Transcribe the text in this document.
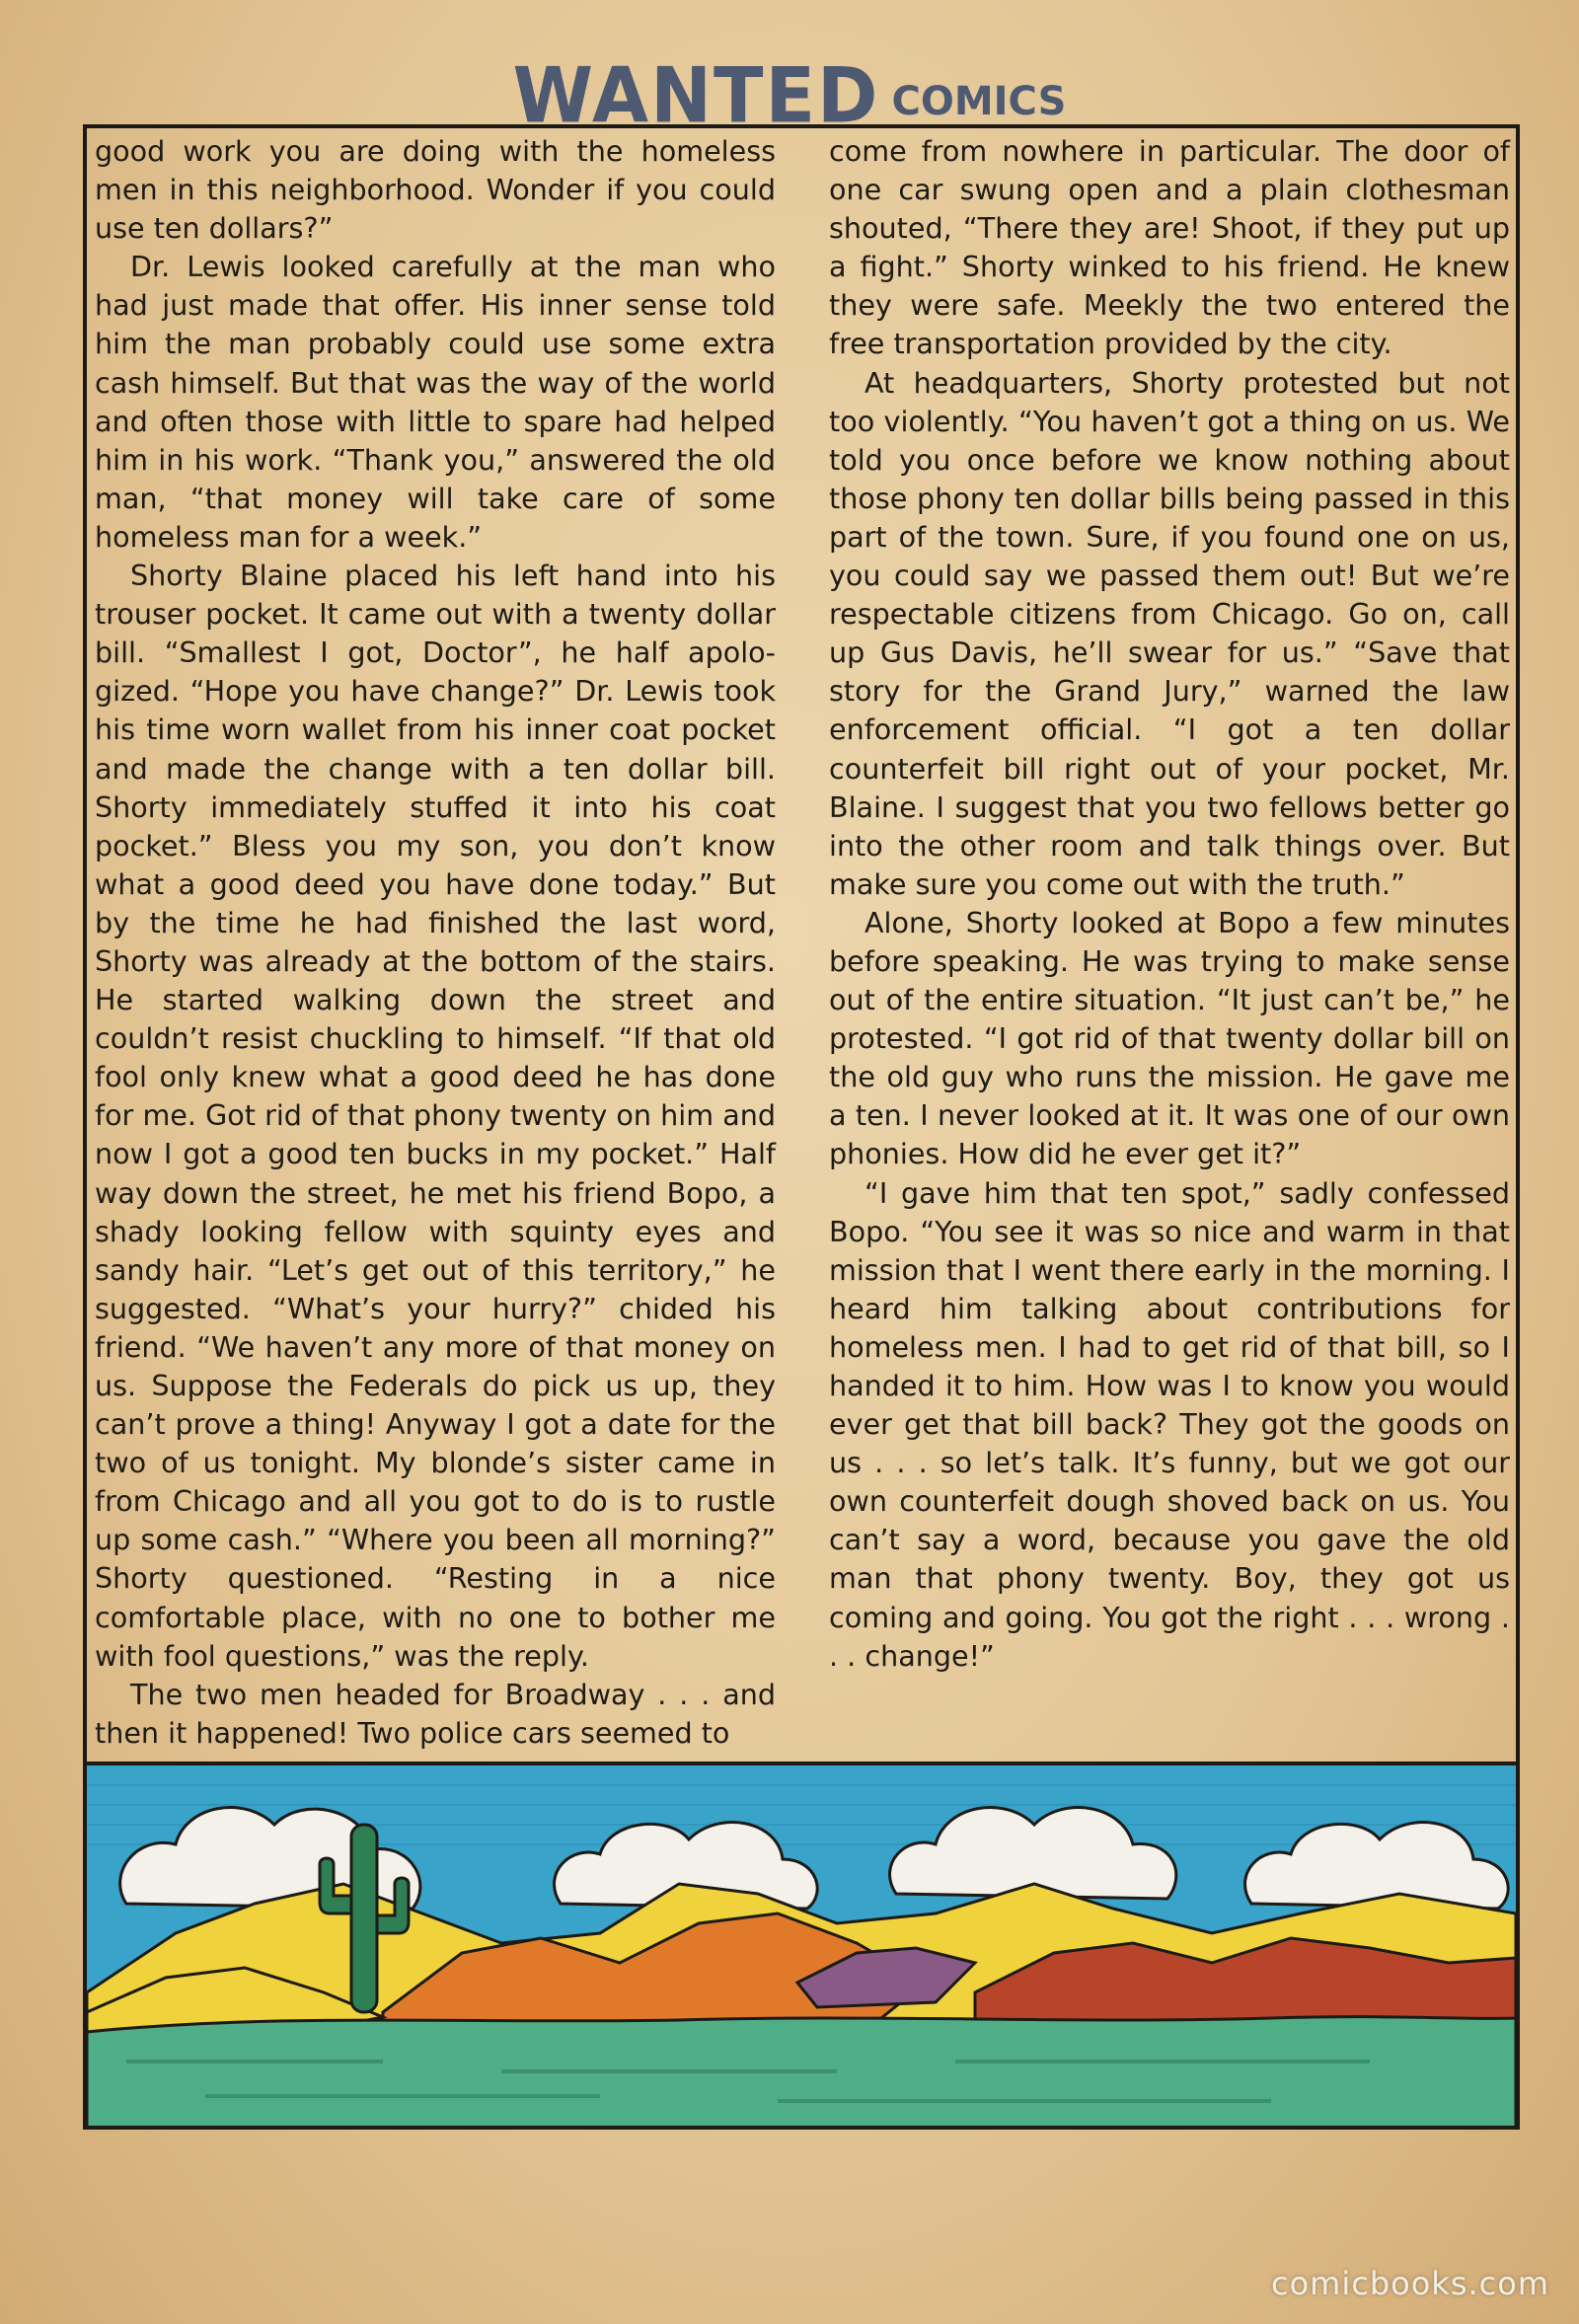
WANTED COMICS

good work you are doing with the homeless men in this neighborhood. Wonder if you could use ten dollars?”

Dr. Lewis looked carefully at the man who had just made that offer. His inner sense told him the man probably could use some extra cash himself. But that was the way of the world and often those with little to spare had helped him in his work. “Thank you,” answered the old man, “that money will take care of some homeless man for a week.”

Shorty Blaine placed his left hand into his trouser pocket. It came out with a twenty dollar bill. “Smallest I got, Doctor”, he half apologized. “Hope you have change?” Dr. Lewis took his time worn wallet from his inner coat pocket and made the change with a ten dollar bill. Shorty immediately stuffed it into his coat pocket.” Bless you my son, you don’t know what a good deed you have done today.” But by the time he had finished the last word, Shorty was already at the bottom of the stairs. He started walking down the street and couldn’t resist chuckling to himself. “If that old fool only knew what a good deed he has done for me. Got rid of that phony twenty on him and now I got a good ten bucks in my pocket.” Half way down the street, he met his friend Bopo, a shady looking fellow with squinty eyes and sandy hair. “Let’s get out of this territory,” he suggested. “What’s your hurry?” chided his friend. “We haven’t any more of that money on us. Suppose the Federals do pick us up, they can’t prove a thing! Anyway I got a date for the two of us tonight. My blonde’s sister came in from Chicago and all you got to do is to rustle up some cash.” “Where you been all morning?” Shorty questioned. “Resting in a nice comfortable place, with no one to bother me with fool questions,” was the reply.

The two men headed for Broadway . . . and then it happened! Two police cars seemed to

come from nowhere in particular. The door of one car swung open and a plain clothesman shouted, “There they are! Shoot, if they put up a fight.” Shorty winked to his friend. He knew they were safe. Meekly the two entered the free transportation provided by the city.

At headquarters, Shorty protested but not too violently. “You haven’t got a thing on us. We told you once before we know nothing about those phony ten dollar bills being passed in this part of the town. Sure, if you found one on us, you could say we passed them out! But we’re respectable citizens from Chicago. Go on, call up Gus Davis, he’ll swear for us.” “Save that story for the Grand Jury,” warned the law enforcement official. “I got a ten dollar counterfeit bill right out of your pocket, Mr. Blaine. I suggest that you two fellows better go into the other room and talk things over. But make sure you come out with the truth.”

Alone, Shorty looked at Bopo a few minutes before speaking. He was trying to make sense out of the entire situation. “It just can’t be,” he protested. “I got rid of that twenty dollar bill on the old guy who runs the mission. He gave me a ten. I never looked at it. It was one of our own phonies. How did he ever get it?”

“I gave him that ten spot,” sadly confessed Bopo. “You see it was so nice and warm in that mission that I went there early in the morning. I heard him talking about contributions for homeless men. I had to get rid of that bill, so I handed it to him. How was I to know you would ever get that bill back? They got the goods on us . . . so let’s talk. It’s funny, but we got our own counterfeit dough shoved back on us. You can’t say a word, because you gave the old man that phony twenty. Boy, they got us coming and going. You got the right . . . wrong . . . change!”

comicbooks.com
